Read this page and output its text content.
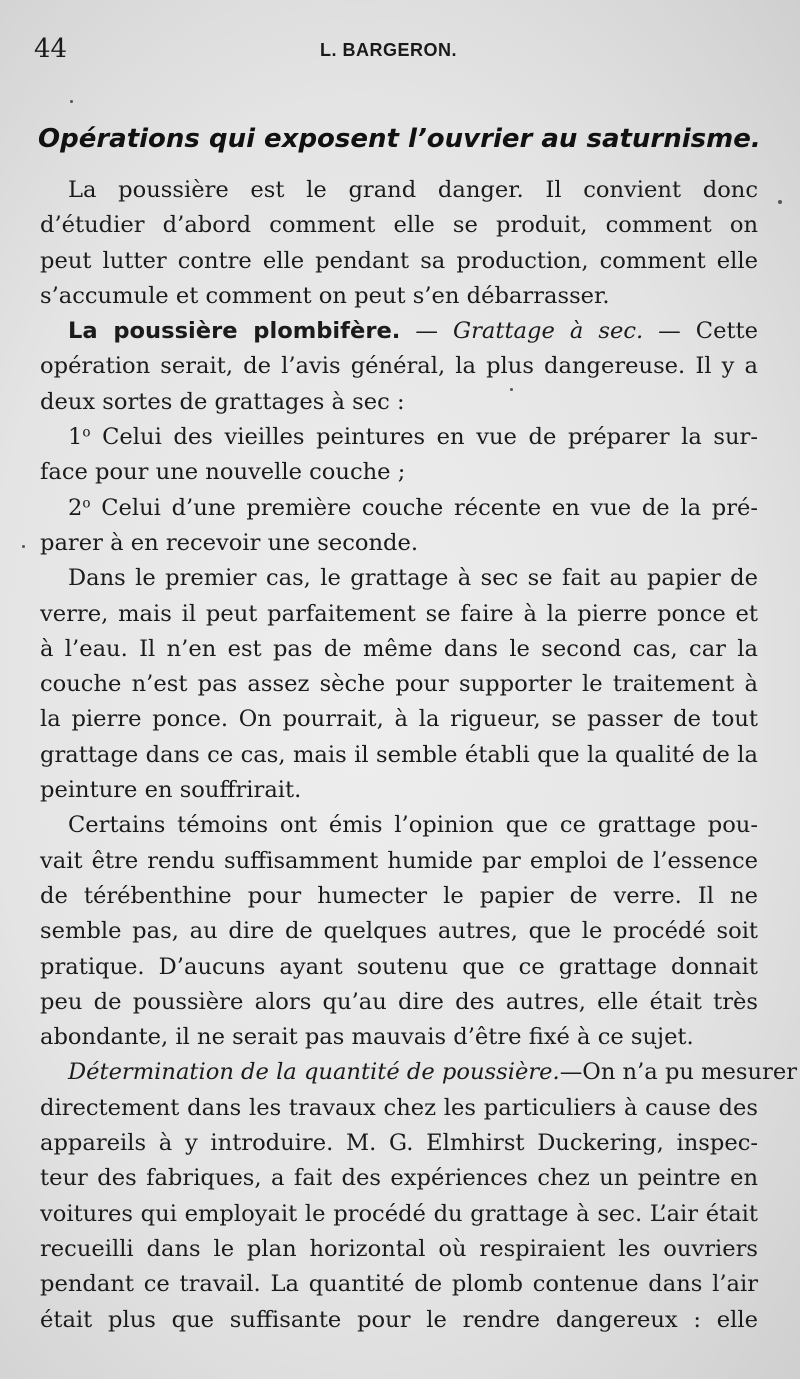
44	L. BARGERON.
Opérations qui exposent l’ouvrier au saturnisme.
La poussière est le grand danger. Il convient donc
d’étudier d’abord comment elle se produit, comment on
peut lutter contre elle pendant sa production, comment elle
s’accumule et comment on peut s’en débarrasser.
La poussière plombifère. — Grattage à sec. — Cette
opération serait, de l’avis général, la plus dangereuse. Il y a
deux sortes de grattages à sec :
1$^o$ Celui des vieilles peintures en vue de préparer la sur-
face pour une nouvelle couche ;
2$^o$ Celui d’une première couche récente en vue de la pré-
parer à en recevoir une seconde.
Dans le premier cas, le grattage à sec se fait au papier de
verre, mais il peut parfaitement se faire à la pierre ponce et
à l’eau. Il n’en est pas de même dans le second cas, car la
couche n’est pas assez sèche pour supporter le traitement à
la pierre ponce. On pourrait, à la rigueur, se passer de tout
grattage dans ce cas, mais il semble établi que la qualité de la
peinture en souffrirait.
Certains témoins ont émis l’opinion que ce grattage pou-
vait être rendu suffisamment humide par emploi de l’essence
de térébenthine pour humecter le papier de verre. Il ne
semble pas, au dire de quelques autres, que le procédé soit
pratique. D’aucuns ayant soutenu que ce grattage donnait
peu de poussière alors qu’au dire des autres, elle était très
abondante, il ne serait pas mauvais d’être fixé à ce sujet.
Détermination de la quantité de poussière.—On n’a pu mesurer
directement dans les travaux chez les particuliers à cause des
appareils à y introduire. M. G. Elmhirst Duckering, inspec-
teur des fabriques, a fait des expériences chez un peintre en
voitures qui employait le procédé du grattage à sec. L’air était
recueilli dans le plan horizontal où respiraient les ouvriers
pendant ce travail. La quantité de plomb contenue dans l’air
était plus que suffisante pour le rendre dangereux : elle
